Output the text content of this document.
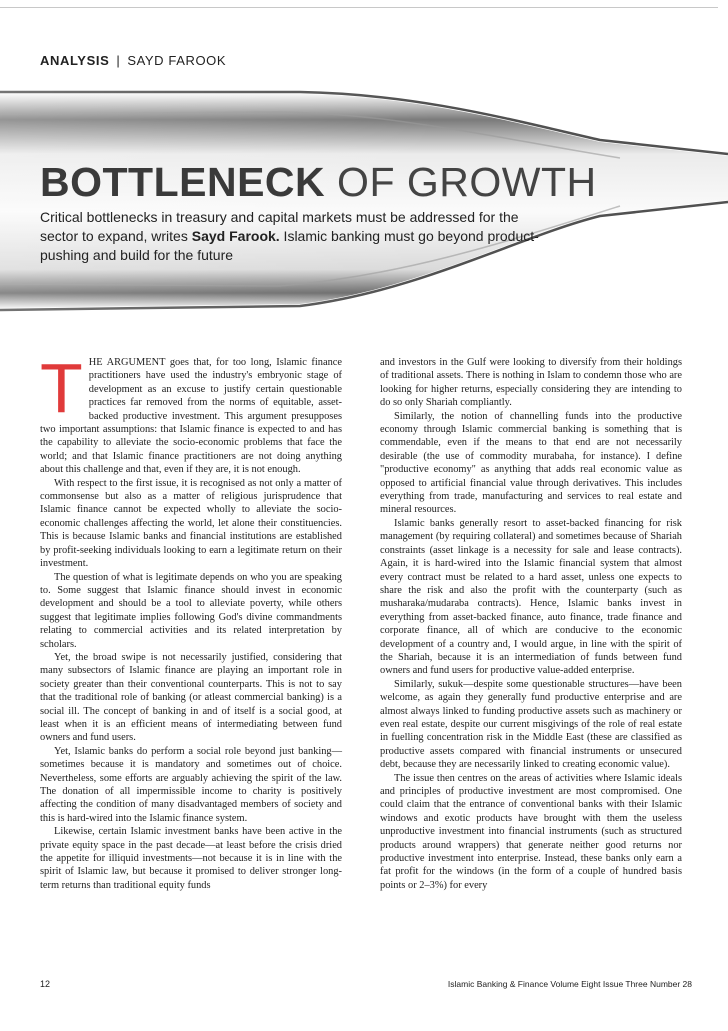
ANALYSIS | SAYD FAROOK
BOTTLENECK OF GROWTH
Critical bottlenecks in treasury and capital markets must be addressed for the sector to expand, writes Sayd Farook. Islamic banking must go beyond product-pushing and build for the future

THE ARGUMENT goes that, for too long, Islamic finance practitioners have used the industry's embryonic stage of development as an excuse to justify certain questionable practices far removed from the norms of equitable, asset-backed productive investment. This argument presupposes two important assumptions: that Islamic finance is expected to and has the capability to alleviate the socio-economic problems that face the world; and that Islamic finance practitioners are not doing anything about this challenge and that, even if they are, it is not enough.

With respect to the first issue, it is recognised as not only a matter of commonsense but also as a matter of religious jurisprudence that Islamic finance cannot be expected wholly to alleviate the socio-economic challenges affecting the world, let alone their constituencies. This is because Islamic banks and financial institutions are established by profit-seeking individuals looking to earn a legitimate return on their investment.

The question of what is legitimate depends on who you are speaking to. Some suggest that Islamic finance should invest in economic development and should be a tool to alleviate poverty, while others suggest that legitimate implies following God's divine commandments relating to commercial activities and its related interpretation by scholars.

Yet, the broad swipe is not necessarily justified, considering that many subsectors of Islamic finance are playing an important role in society greater than their conventional counterparts. This is not to say that the traditional role of banking (or atleast commercial banking) is a social ill. The concept of banking in and of itself is a social good, at least when it is an efficient means of intermediating between fund owners and fund users.

Yet, Islamic banks do perform a social role beyond just banking—sometimes because it is mandatory and sometimes out of choice. Nevertheless, some efforts are arguably achieving the spirit of the law. The donation of all impermissible income to charity is positively affecting the condition of many disadvantaged members of society and this is hard-wired into the Islamic finance system.

Likewise, certain Islamic investment banks have been active in the private equity space in the past decade—at least before the crisis dried the appetite for illiquid investments—not because it is in line with the spirit of Islamic law, but because it promised to deliver stronger long-term returns than traditional equity funds

and investors in the Gulf were looking to diversify from their holdings of traditional assets. There is nothing in Islam to condemn those who are looking for higher returns, especially considering they are intending to do so only Shariah compliantly.

Similarly, the notion of channelling funds into the productive economy through Islamic commercial banking is something that is commendable, even if the means to that end are not necessarily desirable (the use of commodity murabaha, for instance). I define "productive economy" as anything that adds real economic value as opposed to artificial financial value through derivatives. This includes everything from trade, manufacturing and services to real estate and mineral resources.

Islamic banks generally resort to asset-backed financing for risk management (by requiring collateral) and sometimes because of Shariah constraints (asset linkage is a necessity for sale and lease contracts). Again, it is hard-wired into the Islamic financial system that almost every contract must be related to a hard asset, unless one expects to share the risk and also the profit with the counterparty (such as musharaka/mudaraba contracts). Hence, Islamic banks invest in everything from asset-backed finance, auto finance, trade finance and corporate finance, all of which are conducive to the economic development of a country and, I would argue, in line with the spirit of the Shariah, because it is an intermediation of funds between fund owners and fund users for productive value-added enterprise.

Similarly, sukuk—despite some questionable structures—have been welcome, as again they generally fund productive enterprise and are almost always linked to funding productive assets such as machinery or even real estate, despite our current misgivings of the role of real estate in fuelling concentration risk in the Middle East (these are classified as productive assets compared with financial instruments or unsecured debt, because they are necessarily linked to creating economic value).

The issue then centres on the areas of activities where Islamic ideals and principles of productive investment are most compromised. One could claim that the entrance of conventional banks with their Islamic windows and exotic products have brought with them the useless unproductive investment into financial instruments (such as structured products around wrappers) that generate neither good returns nor productive investment into enterprise. Instead, these banks only earn a fat profit for the windows (in the form of a couple of hundred basis points or 2–3%) for every

12	Islamic Banking & Finance Volume Eight Issue Three Number 28
